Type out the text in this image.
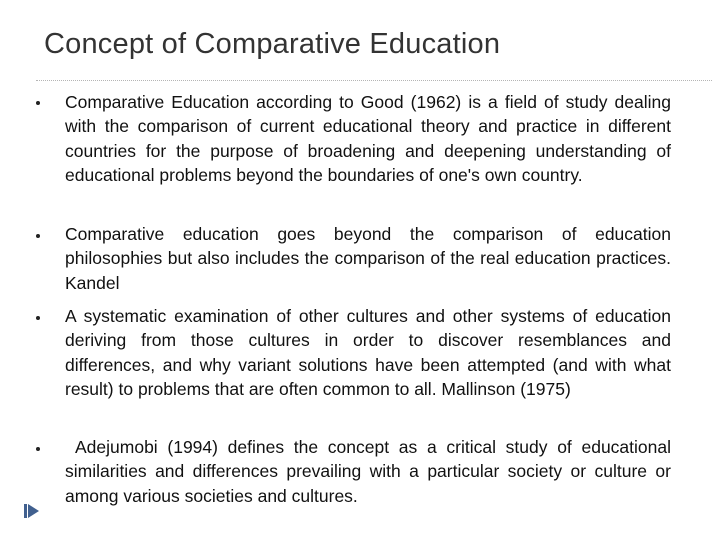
Concept of Comparative Education
Comparative Education according to Good (1962) is a field of study dealing with the comparison of current educational theory and practice in different countries for the purpose of broadening and deepening understanding of educational problems beyond the boundaries of one's own country.
Comparative education goes beyond the comparison of education philosophies but also includes the comparison of the real education practices. Kandel
A systematic examination of other cultures and other systems of education deriving from those cultures in order to discover resemblances and differences, and why variant solutions have been attempted (and with what result) to problems that are often common to all. Mallinson (1975)
Adejumobi (1994) defines the concept as a critical study of educational similarities and differences prevailing with a particular society or culture or among various societies and cultures.
